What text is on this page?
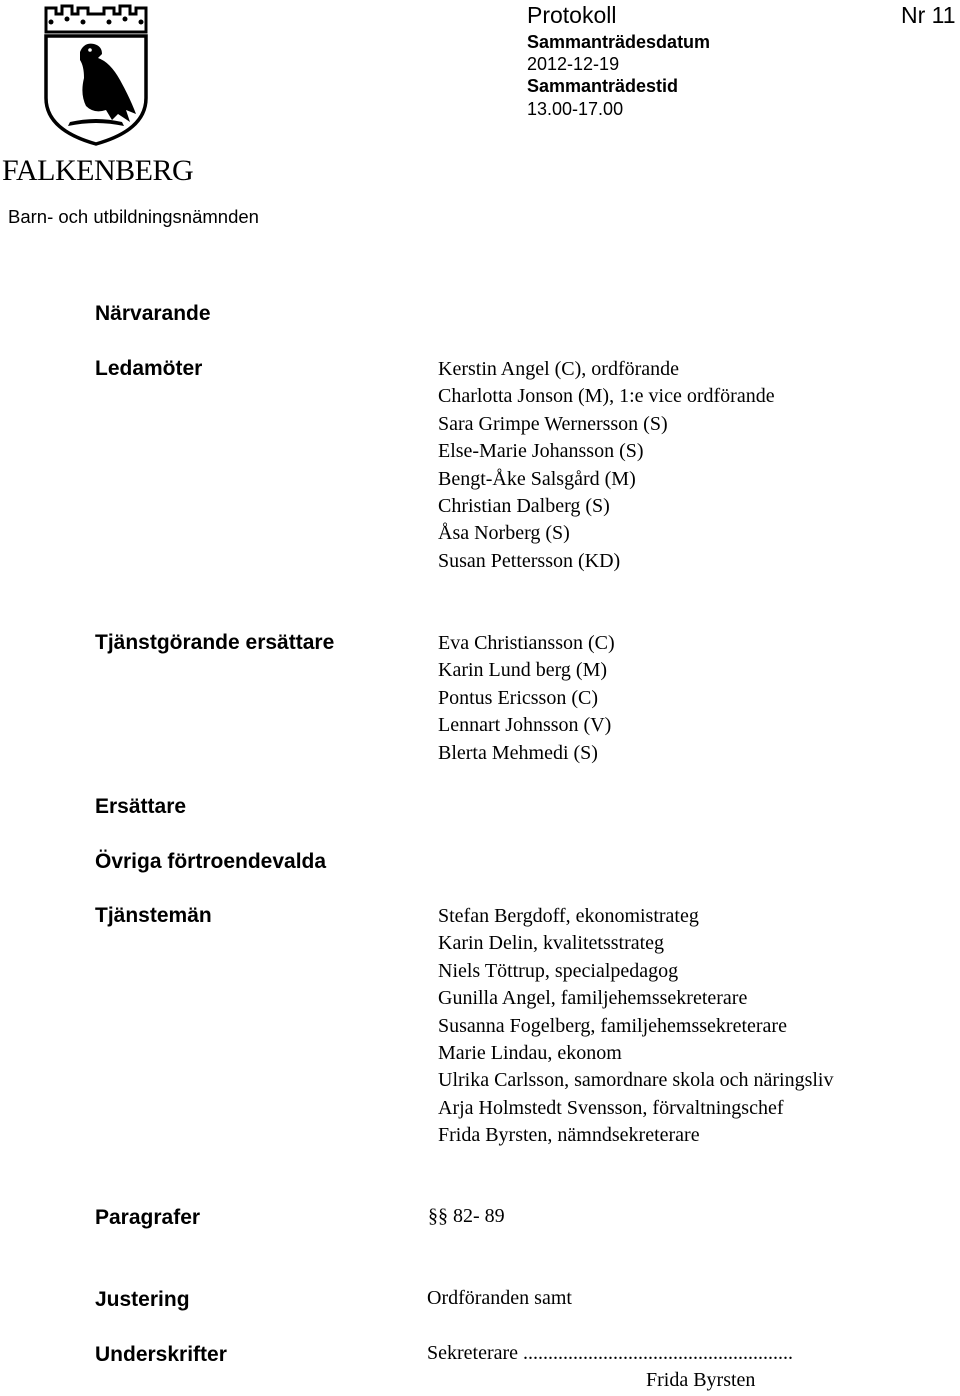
FALKENBERG
Barn- och utbildningsnämnden
Protokoll	Nr 11
Sammanträdesdatum
2012-12-19
Sammanträdestid
13.00-17.00
Närvarande
Ledamöter	Kerstin Angel (C), ordförande
Charlotta Jonson (M), 1:e vice ordförande
Sara Grimpe Wernersson (S)
Else-Marie Johansson (S)
Bengt-Åke Salsgård (M)
Christian Dalberg (S)
Åsa Norberg (S)
Susan Pettersson (KD)
Tjänstgörande ersättare	Eva Christiansson (C)
Karin Lund berg (M)
Pontus Ericsson (C)
Lennart Johnsson (V)
Blerta Mehmedi (S)
Ersättare
Övriga förtroendevalda
Tjänstemän	Stefan Bergdoff, ekonomistrateg
Karin Delin, kvalitetsstrateg
Niels Töttrup, specialpedagog
Gunilla Angel, familjehemssekreterare
Susanna Fogelberg, familjehemssekreterare
Marie Lindau, ekonom
Ulrika Carlsson, samordnare skola och näringsliv
Arja Holmstedt Svensson, förvaltningschef
Frida Byrsten, nämndsekreterare
Paragrafer	§§ 82- 89
Justering	Ordföranden samt
Underskrifter	Sekreterare ......................................................
Frida Byrsten
